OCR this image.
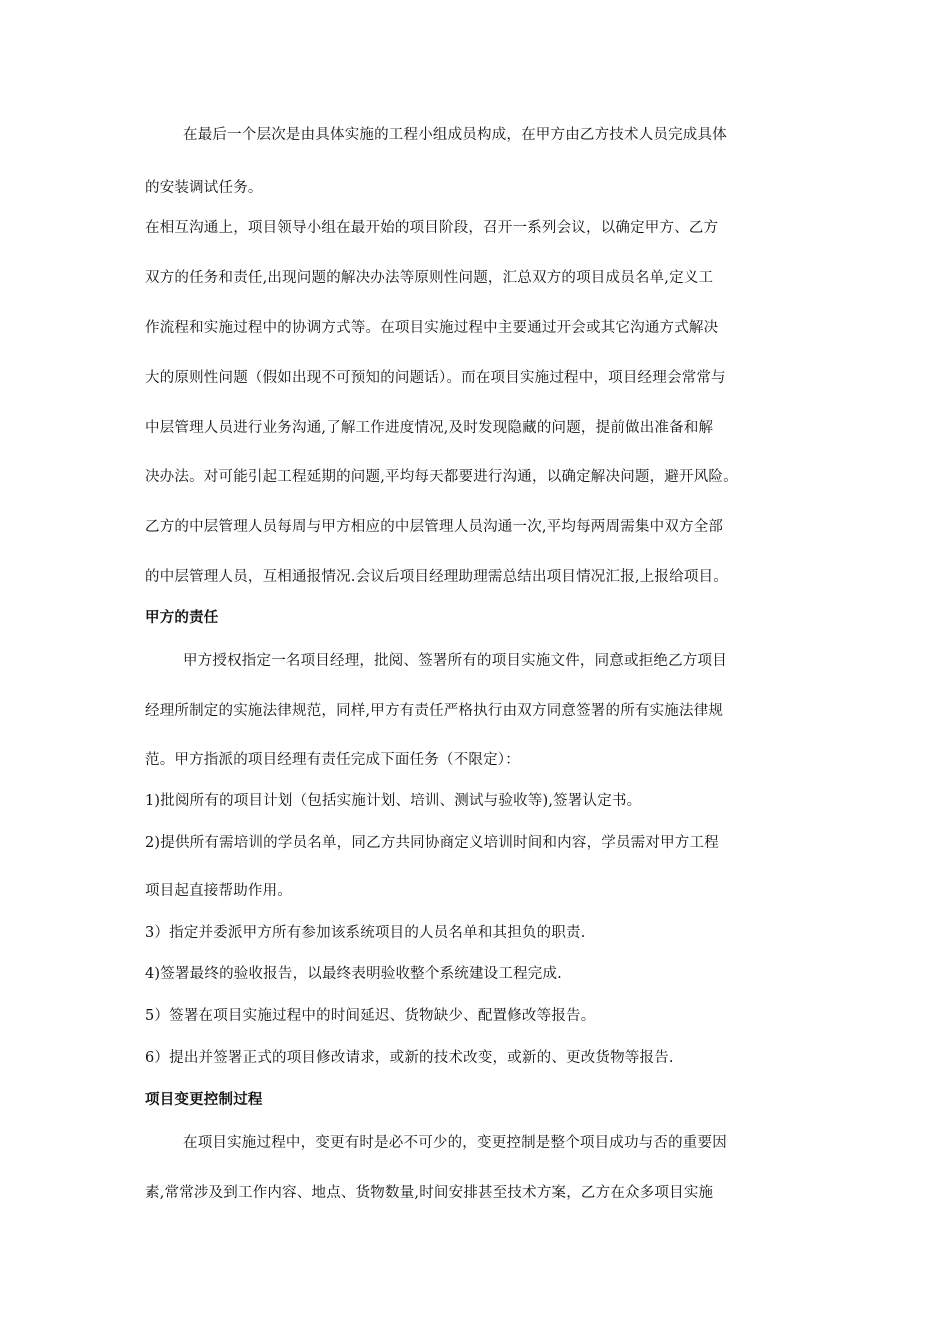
在最后一个层次是由具体实施的工程小组成员构成，在甲方由乙方技术人员完成具体
的安装调试任务。
在相互沟通上，项目领导小组在最开始的项目阶段，召开一系列会议，以确定甲方、乙方
双方的任务和责任,出现问题的解决办法等原则性问题，汇总双方的项目成员名单,定义工
作流程和实施过程中的协调方式等。在项目实施过程中主要通过开会或其它沟通方式解决
大的原则性问题（假如出现不可预知的问题话）。而在项目实施过程中，项目经理会常常与
中层管理人员进行业务沟通,了解工作进度情况,及时发现隐藏的问题，提前做出准备和解
决办法。对可能引起工程延期的问题,平均每天都要进行沟通，以确定解决问题，避开风险。
乙方的中层管理人员每周与甲方相应的中层管理人员沟通一次,平均每两周需集中双方全部
的中层管理人员，互相通报情况.会议后项目经理助理需总结出项目情况汇报,上报给项目。
甲方的责任
甲方授权指定一名项目经理，批阅、签署所有的项目实施文件，同意或拒绝乙方项目
经理所制定的实施法律规范，同样,甲方有责任严格执行由双方同意签署的所有实施法律规
范。甲方指派的项目经理有责任完成下面任务（不限定）：
1)批阅所有的项目计划（包括实施计划、培训、测试与验收等),签署认定书。
2)提供所有需培训的学员名单，同乙方共同协商定义培训时间和内容，学员需对甲方工程
项目起直接帮助作用。
3）指定并委派甲方所有参加该系统项目的人员名单和其担负的职责.
4)签署最终的验收报告，以最终表明验收整个系统建设工程完成.
5）签署在项目实施过程中的时间延迟、货物缺少、配置修改等报告。
6）提出并签署正式的项目修改请求，或新的技术改变，或新的、更改货物等报告.
项目变更控制过程
在项目实施过程中，变更有时是必不可少的，变更控制是整个项目成功与否的重要因
素,常常涉及到工作内容、地点、货物数量,时间安排甚至技术方案，乙方在众多项目实施
